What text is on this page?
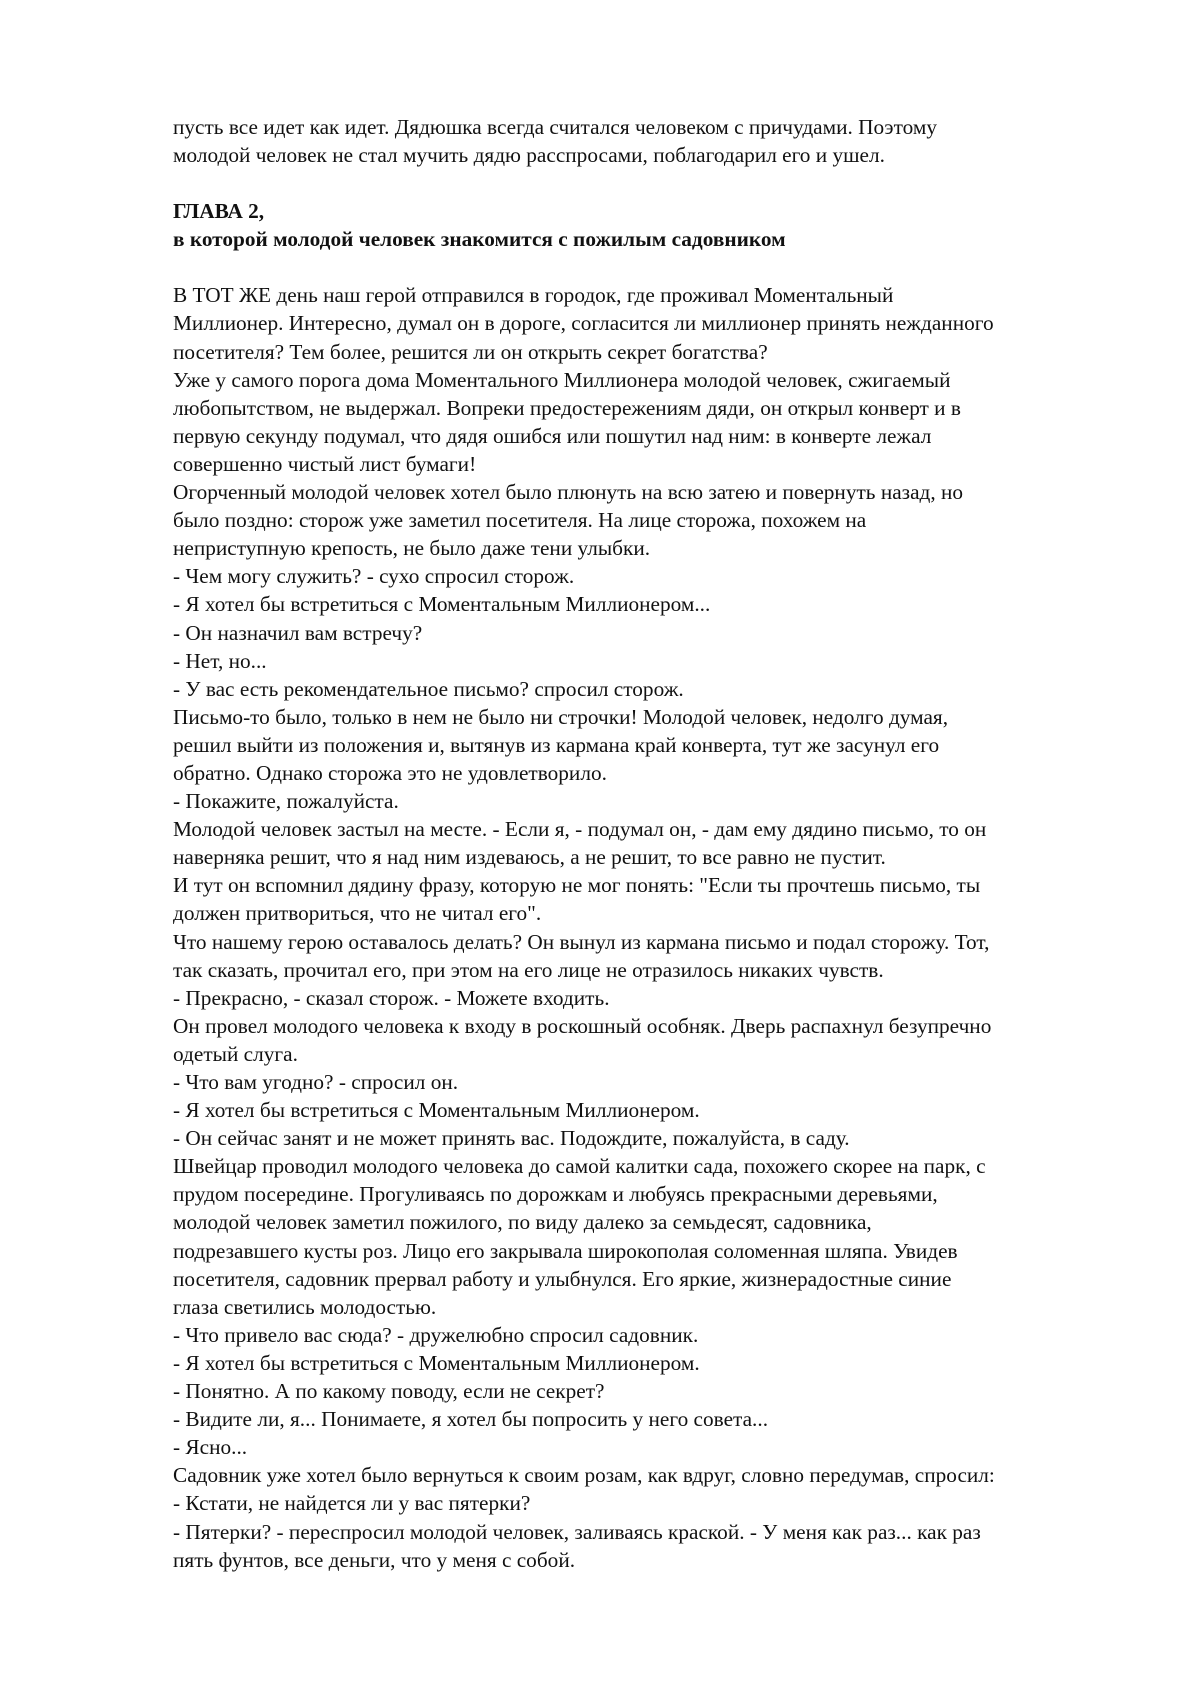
пусть все идет как идет. Дядюшка всегда считался человеком с причудами. Поэтому

молодой человек не стал мучить дядю расспросами, поблагодарил его и ушел.

ГЛАВА 2,

в которой молодой человек знакомится с пожилым садовником

В ТОТ ЖЕ день наш герой отправился в городок, где проживал Моментальный

Миллионер. Интересно, думал он в дороге, согласится ли миллионер принять нежданного

посетителя? Тем более, решится ли он открыть секрет богатства?

Уже у самого порога дома Моментального Миллионера молодой человек, сжигаемый

любопытством, не выдержал. Вопреки предостережениям дяди, он открыл конверт и в

первую секунду подумал, что дядя ошибся или пошутил над ним: в конверте лежал

совершенно чистый лист бумаги!

Огорченный молодой человек хотел было плюнуть на всю затею и повернуть назад, но

было поздно: сторож уже заметил посетителя. На лице сторожа, похожем на

неприступную крепость, не было даже тени улыбки.

- Чем могу служить? - сухо спросил сторож.

- Я хотел бы встретиться с Моментальным Миллионером...

- Он назначил вам встречу?

- Нет, но...

- У вас есть рекомендательное письмо? спросил сторож.

Письмо-то было, только в нем не было ни строчки! Молодой человек, недолго думая,

решил выйти из положения и, вытянув из кармана край конверта, тут же засунул его

обратно. Однако сторожа это не удовлетворило.

- Покажите, пожалуйста.

Молодой человек застыл на месте. - Если я, - подумал он, - дам ему дядино письмо, то он

наверняка решит, что я над ним издеваюсь, а не решит, то все равно не пустит.

И тут он вспомнил дядину фразу, которую не мог понять: "Если ты прочтешь письмо, ты

должен притвориться, что не читал его".

Что нашему герою оставалось делать? Он вынул из кармана письмо и подал сторожу. Тот,

так сказать, прочитал его, при этом на его лице не отразилось никаких чувств.

- Прекрасно, - сказал сторож. - Можете входить.

Он провел молодого человека к входу в роскошный особняк. Дверь распахнул безупречно

одетый слуга.

- Что вам угодно? - спросил он.

- Я хотел бы встретиться с Моментальным Миллионером.

- Он сейчас занят и не может принять вас. Подождите, пожалуйста, в саду.

Швейцар проводил молодого человека до самой калитки сада, похожего скорее на парк, с

прудом посередине. Прогуливаясь по дорожкам и любуясь прекрасными деревьями,

молодой человек заметил пожилого, по виду далеко за семьдесят, садовника,

подрезавшего кусты роз. Лицо его закрывала широкополая соломенная шляпа. Увидев

посетителя, садовник прервал работу и улыбнулся. Его яркие, жизнерадостные синие

глаза светились молодостью.

- Что привело вас сюда? - дружелюбно спросил садовник.

- Я хотел бы встретиться с Моментальным Миллионером.

- Понятно. А по какому поводу, если не секрет?

- Видите ли, я... Понимаете, я хотел бы попросить у него совета...

- Ясно...

Садовник уже хотел было вернуться к своим розам, как вдруг, словно передумав, спросил:

- Кстати, не найдется ли у вас пятерки?

- Пятерки? - переспросил молодой человек, заливаясь краской. - У меня как раз... как раз

пять фунтов, все деньги, что у меня с собой.
